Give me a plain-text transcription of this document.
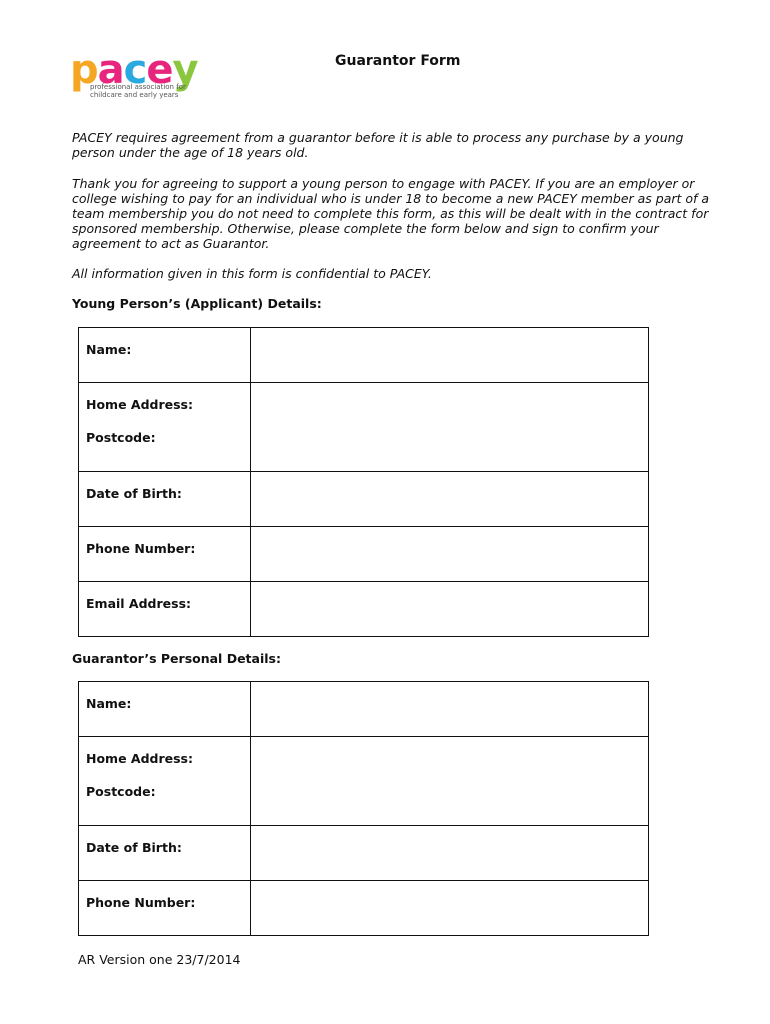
pacey
professional association for
childcare and early years
Guarantor Form
PACEY requires agreement from a guarantor before it is able to process any purchase by a young person under the age of 18 years old.
Thank you for agreeing to support a young person to engage with PACEY. If you are an employer or college wishing to pay for an individual who is under 18 to become a new PACEY member as part of a team membership you do not need to complete this form, as this will be dealt with in the contract for sponsored membership. Otherwise, please complete the form below and sign to confirm your agreement to act as Guarantor.
All information given in this form is confidential to PACEY.
Young Person’s (Applicant) Details:
Name:	

Home Address:
Postcode:	

Date of Birth:	

Phone Number:	

Email Address:	

Guarantor’s Personal Details:
Name:	

Home Address:
Postcode:	

Date of Birth:	

Phone Number:	

AR Version one 23/7/2014
